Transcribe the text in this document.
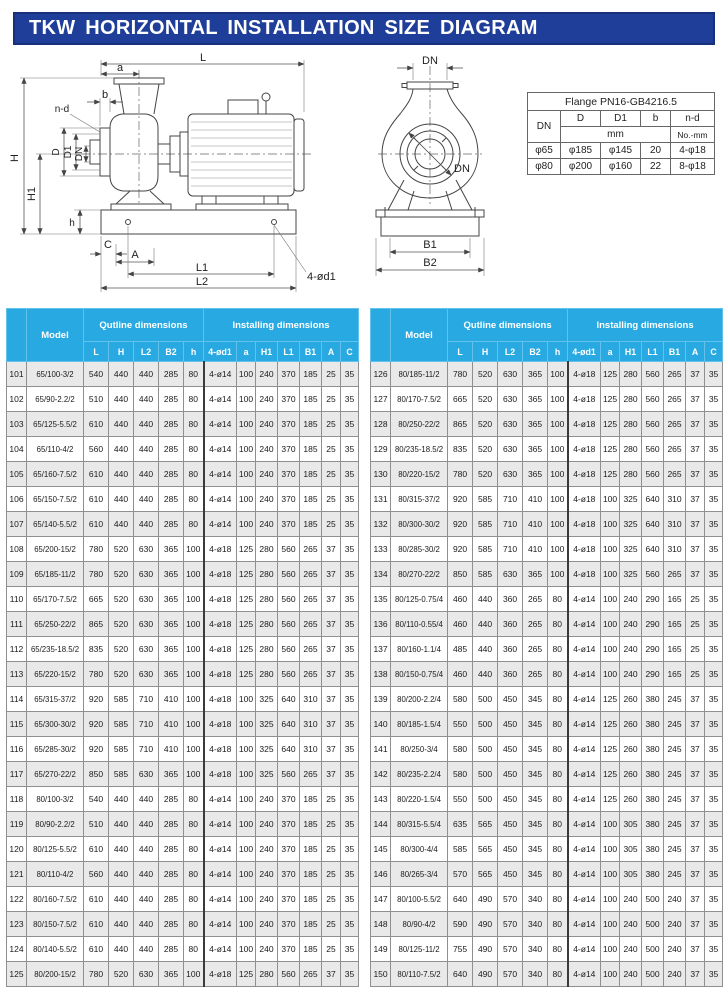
TKW HORIZONTAL INSTALLATION SIZE DIAGRAM
L
a
b
n-d
H
H1
D D1 DN
h
C
A
L1
L2	4-ød1
DN
DN
B1
B2
Flange PN16-GB4216.5				
DN	D	D1	b	n-d
	mm			No.-mm
φ65	φ185	φ145	20	4-φ18
φ80	φ200	φ160	22	8-φ18
	Model	Qutline dimensions					Installing dimensions						
		L	H	L2	B2	h	4-ød1	a	H1	L1	B1	A	C
101	65/100-3/2	540	440	440	285	80	4-ø14	100	240	370	185	25	35
102	65/90-2.2/2	510	440	440	285	80	4-ø14	100	240	370	185	25	35
103	65/125-5.5/2	610	440	440	285	80	4-ø14	100	240	370	185	25	35
104	65/110-4/2	560	440	440	285	80	4-ø14	100	240	370	185	25	35
105	65/160-7.5/2	610	440	440	285	80	4-ø14	100	240	370	185	25	35
106	65/150-7.5/2	610	440	440	285	80	4-ø14	100	240	370	185	25	35
107	65/140-5.5/2	610	440	440	285	80	4-ø14	100	240	370	185	25	35
108	65/200-15/2	780	520	630	365	100	4-ø18	125	280	560	265	37	35
109	65/185-11/2	780	520	630	365	100	4-ø18	125	280	560	265	37	35
110	65/170-7.5/2	665	520	630	365	100	4-ø18	125	280	560	265	37	35
111	65/250-22/2	865	520	630	365	100	4-ø18	125	280	560	265	37	35
112	65/235-18.5/2	835	520	630	365	100	4-ø18	125	280	560	265	37	35
113	65/220-15/2	780	520	630	365	100	4-ø18	125	280	560	265	37	35
114	65/315-37/2	920	585	710	410	100	4-ø18	100	325	640	310	37	35
115	65/300-30/2	920	585	710	410	100	4-ø18	100	325	640	310	37	35
116	65/285-30/2	920	585	710	410	100	4-ø18	100	325	640	310	37	35
117	65/270-22/2	850	585	630	365	100	4-ø18	100	325	560	265	37	35
118	80/100-3/2	540	440	440	285	80	4-ø14	100	240	370	185	25	35
119	80/90-2.2/2	510	440	440	285	80	4-ø14	100	240	370	185	25	35
120	80/125-5.5/2	610	440	440	285	80	4-ø14	100	240	370	185	25	35
121	80/110-4/2	560	440	440	285	80	4-ø14	100	240	370	185	25	35
122	80/160-7.5/2	610	440	440	285	80	4-ø14	100	240	370	185	25	35
123	80/150-7.5/2	610	440	440	285	80	4-ø14	100	240	370	185	25	35
124	80/140-5.5/2	610	440	440	285	80	4-ø14	100	240	370	185	25	35
125	80/200-15/2	780	520	630	365	100	4-ø18	125	280	560	265	37	35
	Model	Qutline dimensions					Installing dimensions						
		L	H	L2	B2	h	4-ød1	a	H1	L1	B1	A	C
126	80/185-11/2	780	520	630	365	100	4-ø18	125	280	560	265	37	35
127	80/170-7.5/2	665	520	630	365	100	4-ø18	125	280	560	265	37	35
128	80/250-22/2	865	520	630	365	100	4-ø18	125	280	560	265	37	35
129	80/235-18.5/2	835	520	630	365	100	4-ø18	125	280	560	265	37	35
130	80/220-15/2	780	520	630	365	100	4-ø18	125	280	560	265	37	35
131	80/315-37/2	920	585	710	410	100	4-ø18	100	325	640	310	37	35
132	80/300-30/2	920	585	710	410	100	4-ø18	100	325	640	310	37	35
133	80/285-30/2	920	585	710	410	100	4-ø18	100	325	640	310	37	35
134	80/270-22/2	850	585	630	365	100	4-ø18	100	325	560	265	37	35
135	80/125-0.75/4	460	440	360	265	80	4-ø14	100	240	290	165	25	35
136	80/110-0.55/4	460	440	360	265	80	4-ø14	100	240	290	165	25	35
137	80/160-1.1/4	485	440	360	265	80	4-ø14	100	240	290	165	25	35
138	80/150-0.75/4	460	440	360	265	80	4-ø14	100	240	290	165	25	35
139	80/200-2.2/4	580	500	450	345	80	4-ø14	125	260	380	245	37	35
140	80/185-1.5/4	550	500	450	345	80	4-ø14	125	260	380	245	37	35
141	80/250-3/4	580	500	450	345	80	4-ø14	125	260	380	245	37	35
142	80/235-2.2/4	580	500	450	345	80	4-ø14	125	260	380	245	37	35
143	80/220-1.5/4	550	500	450	345	80	4-ø14	125	260	380	245	37	35
144	80/315-5.5/4	635	565	450	345	80	4-ø14	100	305	380	245	37	35
145	80/300-4/4	585	565	450	345	80	4-ø14	100	305	380	245	37	35
146	80/265-3/4	570	565	450	345	80	4-ø14	100	305	380	245	37	35
147	80/100-5.5/2	640	490	570	340	80	4-ø14	100	240	500	240	37	35
148	80/90-4/2	590	490	570	340	80	4-ø14	100	240	500	240	37	35
149	80/125-11/2	755	490	570	340	80	4-ø14	100	240	500	240	37	35
150	80/110-7.5/2	640	490	570	340	80	4-ø14	100	240	500	240	37	35
